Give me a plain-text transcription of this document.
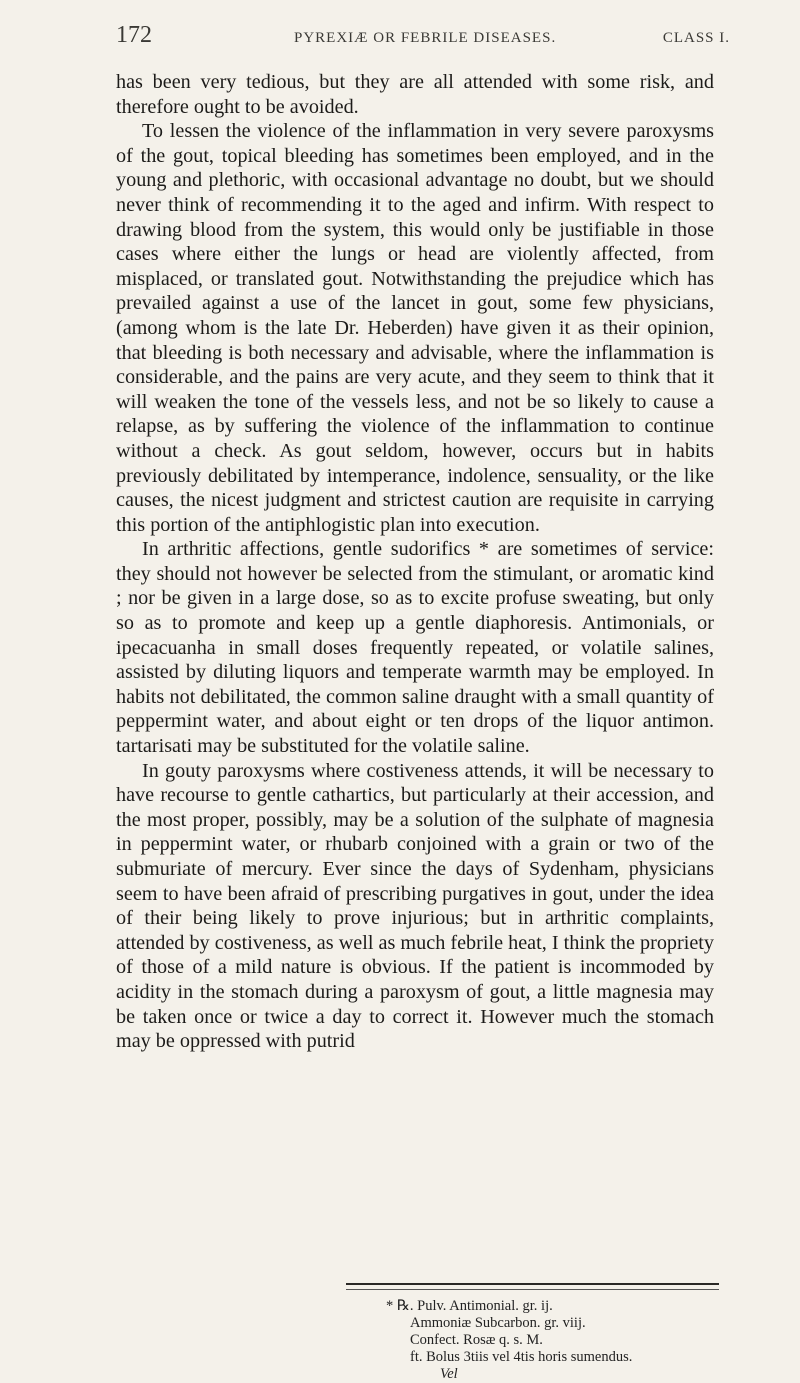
172	PYREXIÆ OR FEBRILE DISEASES.	CLASS I.

has been very tedious, but they are all attended with some risk, and therefore ought to be avoided.

To lessen the violence of the inflammation in very severe paroxysms of the gout, topical bleeding has sometimes been employed, and in the young and plethoric, with occasional advantage no doubt, but we should never think of recommending it to the aged and infirm. With respect to drawing blood from the system, this would only be justifiable in those cases where either the lungs or head are violently affected, from misplaced, or translated gout. Notwithstanding the prejudice which has prevailed against a use of the lancet in gout, some few physicians, (among whom is the late Dr. Heberden) have given it as their opinion, that bleeding is both necessary and advisable, where the inflammation is considerable, and the pains are very acute, and they seem to think that it will weaken the tone of the vessels less, and not be so likely to cause a relapse, as by suffering the violence of the inflammation to continue without a check. As gout seldom, however, occurs but in habits previously debilitated by intemperance, indolence, sensuality, or the like causes, the nicest judgment and strictest caution are requisite in carrying this portion of the antiphlogistic plan into execution.

In arthritic affections, gentle sudorifics * are sometimes of service: they should not however be selected from the stimulant, or aromatic kind ; nor be given in a large dose, so as to excite profuse sweating, but only so as to promote and keep up a gentle diaphoresis. Antimonials, or ipecacuanha in small doses frequently repeated, or volatile salines, assisted by diluting liquors and temperate warmth may be employed. In habits not debilitated, the common saline draught with a small quantity of peppermint water, and about eight or ten drops of the liquor antimon. tartarisati may be substituted for the volatile saline.

In gouty paroxysms where costiveness attends, it will be necessary to have recourse to gentle cathartics, but particularly at their accession, and the most proper, possibly, may be a solution of the sulphate of magnesia in peppermint water, or rhubarb conjoined with a grain or two of the submuriate of mercury. Ever since the days of Sydenham, physicians seem to have been afraid of prescribing purgatives in gout, under the idea of their being likely to prove injurious; but in arthritic complaints, attended by costiveness, as well as much febrile heat, I think the propriety of those of a mild nature is obvious. If the patient is incommoded by acidity in the stomach during a paroxysm of gout, a little magnesia may be taken once or twice a day to correct it. However much the stomach may be oppressed with putrid

* ℞. Pulv. Antimonial. gr. ij.
Ammoniæ Subcarbon. gr. viij.
Confect. Rosæ q. s. M.
ft. Bolus 3tiis vel 4tis horis sumendus.
Vel
